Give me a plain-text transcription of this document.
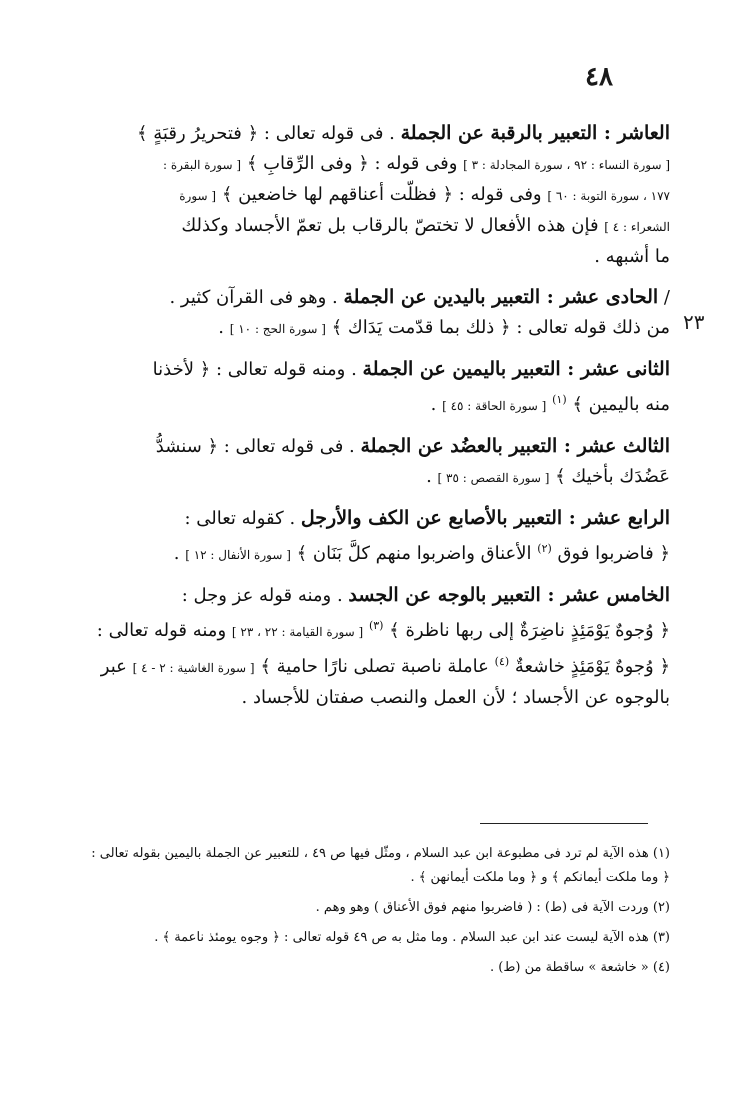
٤٨
٢٣
العاشر : التعبير بالرقبة عن الجملة . فى قوله تعالى : ﴿ فتحريرُ رقبَةٍ ﴾
[ سورة النساء : ٩٢ ، سورة المجادلة : ٣ ] وفى قوله : ﴿ وفى الرِّقابِ ﴾ [ سورة البقرة :
١٧٧ ، سورة التوبة : ٦٠ ] وفى قوله : ﴿ فظلّت أعناقهم لها خاضعين ﴾ [ سورة
الشعراء : ٤ ] فإن هذه الأفعال لا تختصّ بالرقاب بل تعمّ الأجساد وكذلك
ما أشبهه .
/ الحادى عشر : التعبير باليدين عن الجملة . وهو فى القرآن كثير .
من ذلك قوله تعالى : ﴿ ذلك بما قدّمت يَدَاك ﴾ [ سورة الحج : ١٠ ] .
الثانى عشر : التعبير باليمين عن الجملة . ومنه قوله تعالى : ﴿ لأخذنا
منه باليمين ﴾ $^{(١)}$ [ سورة الحاقة : ٤٥ ] .
الثالث عشر : التعبير بالعضُد عن الجملة . فى قوله تعالى : ﴿ سنشدُّ
عَضُدَك بأخيك ﴾ [ سورة القصص : ٣٥ ] .
الرابع عشر : التعبير بالأصابع عن الكف والأرجل . كقوله تعالى :
﴿ فاضربوا فوق $^{(٢)}$ الأعناق واضربوا منهم كلَّ بَنَان ﴾ [ سورة الأنفال : ١٢ ] .
الخامس عشر : التعبير بالوجه عن الجسد . ومنه قوله عز وجل :
﴿ وُجوهٌ يَوْمَئِذٍ ناضِرَةٌ إلى ربها ناظرة ﴾ $^{(٣)}$ [ سورة القيامة : ٢٢ ، ٢٣ ] ومنه قوله تعالى :
﴿ وُجوهٌ يَوْمَئِذٍ خاشعةٌ $^{(٤)}$ عاملة ناصبة تصلى نارًا حامية ﴾ [ سورة الغاشية : ٢ - ٤ ] عبر
بالوجوه عن الأجساد ؛ لأن العمل والنصب صفتان للأجساد .
(١) هذه الآية لم ترد فى مطبوعة ابن عبد السلام ، ومثّل فيها ص ٤٩ ، للتعبير عن الجملة باليمين بقوله تعالى : ﴿ وما ملكت أيمانكم ﴾ و ﴿ وما ملكت أيمانهن ﴾ .
(٢) وردت الآية فى (ط) : ( فاضربوا منهم فوق الأعناق ) وهو وهم .
(٣) هذه الآية ليست عند ابن عبد السلام . وما مثل به ص ٤٩ قوله تعالى : ﴿ وجوه يومئذ ناعمة ﴾ .
(٤) « خاشعة » ساقطة من (ط) .
